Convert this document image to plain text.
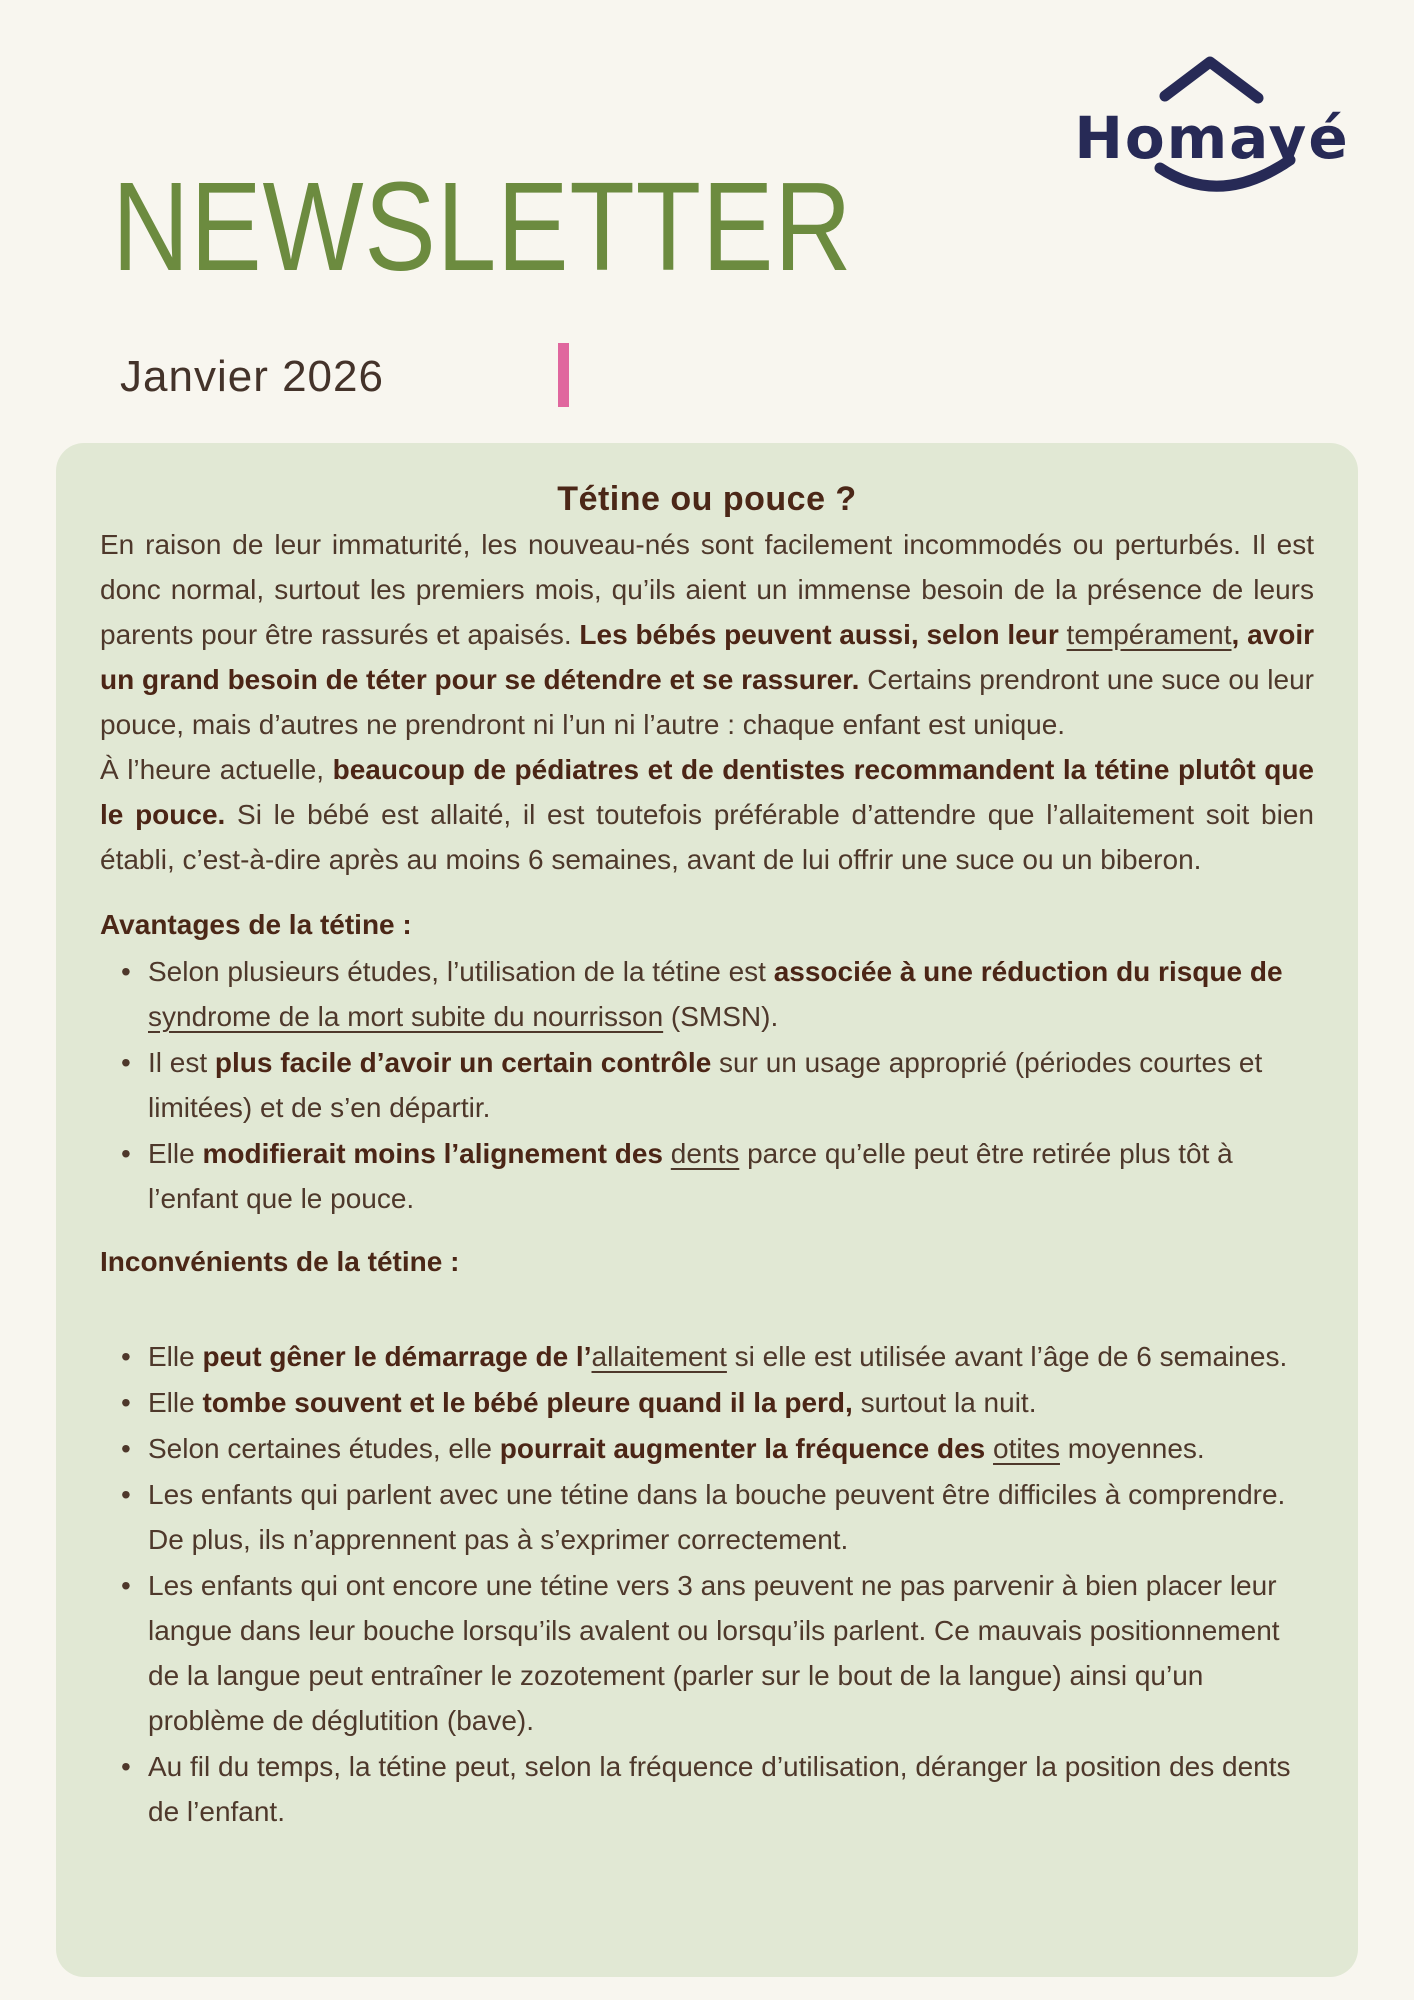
Homayé
NEWSLETTER
Janvier 2026
Tétine ou pouce ?

En raison de leur immaturité, les nouveau-nés sont facilement incommodés ou perturbés. Il est donc normal, surtout les premiers mois, qu’ils aient un immense besoin de la présence de leurs parents pour être rassurés et apaisés. Les bébés peuvent aussi, selon leur tempérament, avoir un grand besoin de téter pour se détendre et se rassurer. Certains prendront une suce ou leur pouce, mais d’autres ne prendront ni l’un ni l’autre : chaque enfant est unique.

À l’heure actuelle, beaucoup de pédiatres et de dentistes recommandent la tétine plutôt que le pouce. Si le bébé est allaité, il est toutefois préférable d’attendre que l’allaitement soit bien établi, c’est-à-dire après au moins 6 semaines, avant de lui offrir une suce ou un biberon.

Avantages de la tétine :
• Selon plusieurs études, l’utilisation de la tétine est associée à une réduction du risque de syndrome de la mort subite du nourrisson (SMSN).
• Il est plus facile d’avoir un certain contrôle sur un usage approprié (périodes courtes et limitées) et de s’en départir.
• Elle modifierait moins l’alignement des dents parce qu’elle peut être retirée plus tôt à l’enfant que le pouce.
Inconvénients de la tétine :
• Elle peut gêner le démarrage de l’allaitement si elle est utilisée avant l’âge de 6 semaines.
• Elle tombe souvent et le bébé pleure quand il la perd, surtout la nuit.
• Selon certaines études, elle pourrait augmenter la fréquence des otites moyennes.
• Les enfants qui parlent avec une tétine dans la bouche peuvent être difficiles à comprendre. De plus, ils n’apprennent pas à s’exprimer correctement.
• Les enfants qui ont encore une tétine vers 3 ans peuvent ne pas parvenir à bien placer leur langue dans leur bouche lorsqu’ils avalent ou lorsqu’ils parlent. Ce mauvais positionnement de la langue peut entraîner le zozotement (parler sur le bout de la langue) ainsi qu’un problème de déglutition (bave).
• Au fil du temps, la tétine peut, selon la fréquence d’utilisation, déranger la position des dents de l’enfant.
